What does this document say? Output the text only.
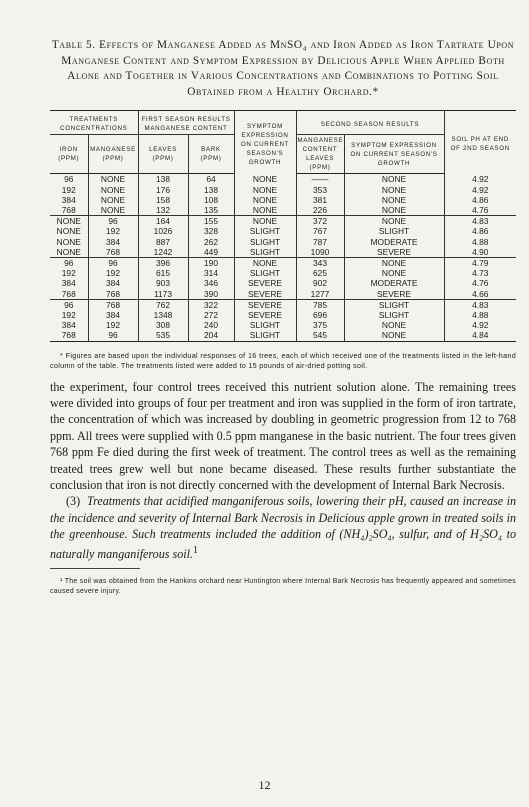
Table 5. Effects of Manganese Added as MnSO₄ and Iron Added as Iron Tartrate Upon Manganese Content and Symptom Expression by Delicious Apple When Applied Both Alone and Together in Various Concentrations and Combinations to Potting Soil Obtained from a Healthy Orchard.*
TREATMENTS CONCENTRATIONS		FIRST SEASON RESULTS MANGANESE CONTENT		SYMPTOM EXPRESSION ON CURRENT SEASON'S GROWTH	SECOND SEASON RESULTS		SOIL PH AT END OF 2ND SEASON
IRON (PPM)	MANGANESE (PPM)	LEAVES (PPM)	BARK (PPM)		MANGANESE CONTENT LEAVES (PPM)	SYMPTOM EXPRESSION ON CURRENT SEASON'S GROWTH	
96	NONE	138	64	NONE	——	NONE	4.92
192	NONE	176	138	NONE	353	NONE	4.92
384	NONE	158	108	NONE	381	NONE	4.86
768	NONE	132	135	NONE	226	NONE	4.76
NONE	96	164	155	NONE	372	NONE	4.83
NONE	192	1026	328	SLIGHT	767	SLIGHT	4.86
NONE	384	887	262	SLIGHT	787	MODERATE	4.88
NONE	768	1242	449	SLIGHT	1090	SEVERE	4.90
96	96	396	190	NONE	343	NONE	4.79
192	192	615	314	SLIGHT	625	NONE	4.73
384	384	903	346	SEVERE	902	MODERATE	4.76
768	768	1173	390	SEVERE	1277	SEVERE	4.66
96	768	762	322	SEVERE	785	SLIGHT	4.83
192	384	1348	272	SEVERE	696	SLIGHT	4.88
384	192	308	240	SLIGHT	375	NONE	4.92
768	96	535	204	SLIGHT	545	NONE	4.84
* Figures are based upon the individual responses of 16 trees, each of which received one of the treatments listed in the left-hand column of the table. The treatments listed were added to 15 pounds of air-dried potting soil.

the experiment, four control trees received this nutrient solution alone. The remaining trees were divided into groups of four per treatment and iron was supplied in the form of iron tartrate, the concentration of which was increased by doubling in geometric progression from 12 to 768 ppm. All trees were supplied with 0.5 ppm manganese in the basic nutrient. The four trees given 768 ppm Fe died during the first week of treatment. The control trees as well as the remaining treated trees grew well but none became diseased. These results further substantiate the conclusion that iron is not directly concerned with the development of Internal Bark Necrosis.

(3) Treatments that acidified manganiferous soils, lowering their pH, caused an increase in the incidence and severity of Internal Bark Necrosis in Delicious apple grown in treated soils in the greenhouse. Such treatments included the addition of (NH₄)₂SO₄, sulfur, and of H₂SO₄ to naturally manganiferous soil.$^1$

¹ The soil was obtained from the Hankins orchard near Huntington where Internal Bark Necrosis has frequently appeared and sometimes caused severe injury.
12
